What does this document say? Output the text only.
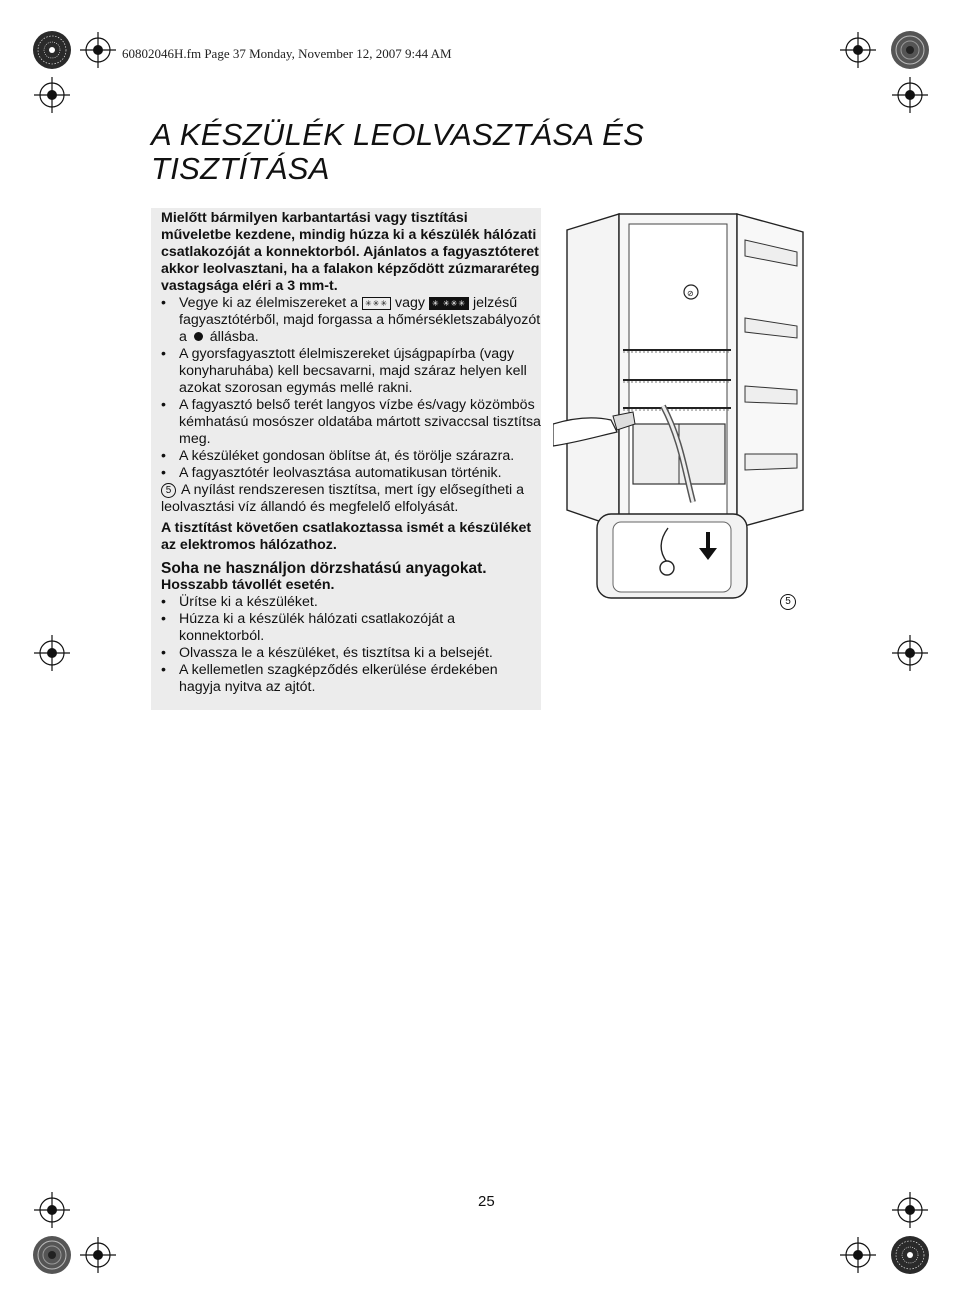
60802046H.fm Page 37 Monday, November 12, 2007 9:44 AM
A KÉSZÜLÉK LEOLVASZTÁSA ÉS
TISZTÍTÁSA

Mielőtt bármilyen karbantartási vagy tisztítási műveletbe kezdene, mindig húzza ki a készülék hálózati csatlakozóját a konnektorból. Ajánlatos a fagyasztóteret akkor leolvasztani, ha a falakon képződött zúzmararéteg vastagsága eléri a 3 mm-t.

• Vegye ki az élelmiszereket a ✳✳✳ vagy ✳ ✳✳✳ jelzésű fagyasztótérből, majd forgassa a hőmérsékletszabályozót a állásba.
• A gyorsfagyasztott élelmiszereket újságpapírba (vagy konyharuhába) kell becsavarni, majd száraz helyen kell azokat szorosan egymás mellé rakni.
• A fagyasztó belső terét langyos vízbe és/vagy közömbös kémhatású mosószer oldatába mártott szivaccsal tisztítsa meg.
• A készüléket gondosan öblítse át, és törölje szárazra.
• A fagyasztótér leolvasztása automatikusan történik.

5 A nyílást rendszeresen tisztítsa, mert így elősegítheti a leolvasztási víz állandó és megfelelő elfolyását.

A tisztítást követően csatlakoztassa ismét a készüléket az elektromos hálózathoz.

Soha ne használjon dörzshatású anyagokat.

Hosszabb távollét esetén.

• Ürítse ki a készüléket.
• Húzza ki a készülék hálózati csatlakozóját a konnektorból.
• Olvassza le a készüléket, és tisztítsa ki a belsejét.
• A kellemetlen szagképződés elkerülése érdekében hagyja nyitva az ajtót.
⊘
5
25
